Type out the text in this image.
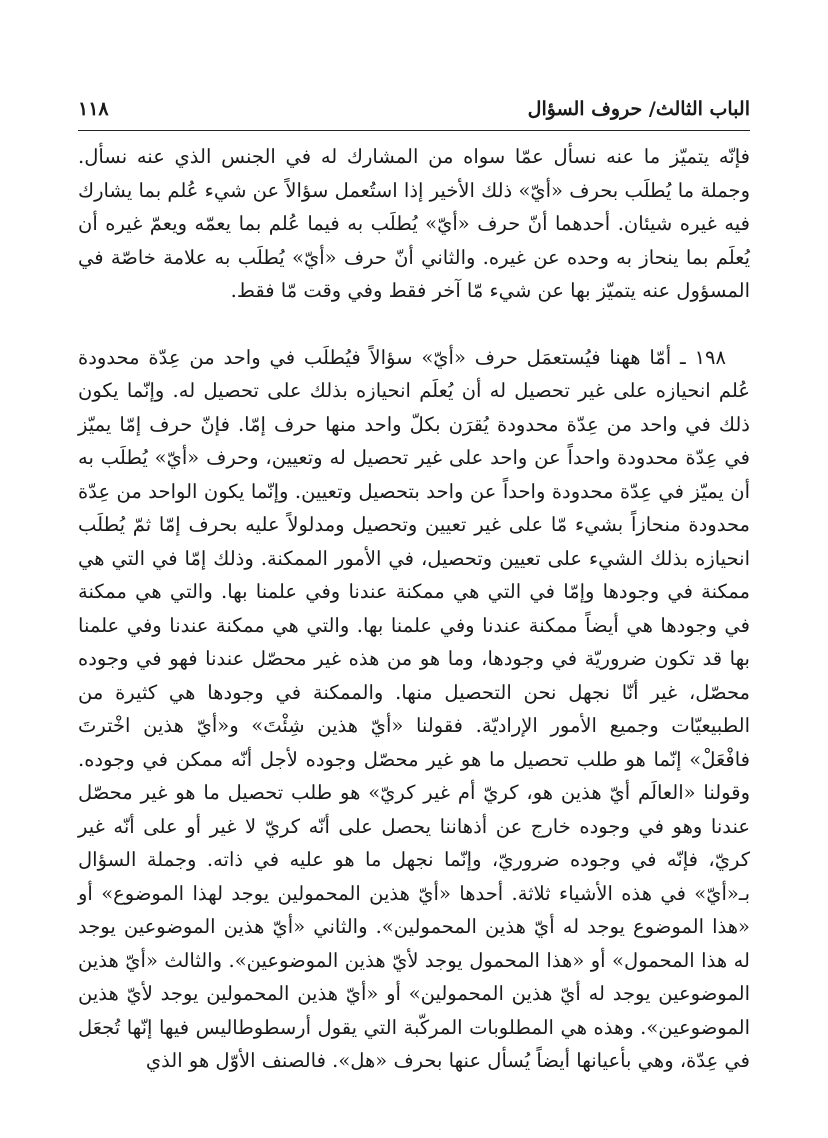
الباب الثالث/ حروف السؤال
١١٨

فإنّه يتميّز ما عنه نسأل عمّا سواه من المشارك له في الجنس الذي عنه نسأل. وجملة ما يُطلَب بحرف «أيّ» ذلك الأخير إذا استُعمل سؤالاً عن شيء عُلم بما يشارك فيه غيره شيئان. أحدهما أنّ حرف «أيّ» يُطلَب به فيما عُلم بما يعمّه ويعمّ غيره أن يُعلَم بما ينحاز به وحده عن غيره. والثاني أنّ حرف «أيّ» يُطلَب به علامة خاصّة في المسؤول عنه يتميّز بها عن شيء مّا آخر فقط وفي وقت مّا فقط.

١٩٨ ـ أمّا ههنا فيُستعمَل حرف «أيّ» سؤالاً فيُطلَب في واحد من عِدّة محدودة عُلم انحيازه على غير تحصيل له أن يُعلَم انحيازه بذلك على تحصيل له. وإنّما يكون ذلك في واحد من عِدّة محدودة يُقرَن بكلّ واحد منها حرف إمّا. فإنّ حرف إمّا يميّز في عِدّة محدودة واحداً عن واحد على غير تحصيل له وتعيين، وحرف «أيّ» يُطلَب به أن يميّز في عِدّة محدودة واحداً عن واحد بتحصيل وتعيين. وإنّما يكون الواحد من عِدّة محدودة منحازاً بشيء مّا على غير تعيين وتحصيل ومدلولاً عليه بحرف إمّا ثمّ يُطلَب انحيازه بذلك الشيء على تعيين وتحصيل، في الأمور الممكنة. وذلك إمّا في التي هي ممكنة في وجودها وإمّا في التي هي ممكنة عندنا وفي علمنا بها. والتي هي ممكنة في وجودها هي أيضاً ممكنة عندنا وفي علمنا بها. والتي هي ممكنة عندنا وفي علمنا بها قد تكون ضروريّة في وجودها، وما هو من هذه غير محصّل عندنا فهو في وجوده محصّل، غير أنّا نجهل نحن التحصيل منها. والممكنة في وجودها هي كثيرة من الطبيعيّات وجميع الأمور الإراديّة. فقولنا «أيّ هذين شِئْتَ» و«أيّ هذين اخْترتَ فافْعَلْ» إنّما هو طلب تحصيل ما هو غير محصّل وجوده لأجل أنّه ممكن في وجوده. وقولنا «العالَم أيّ هذين هو، كريّ أم غير كريّ» هو طلب تحصيل ما هو غير محصّل عندنا وهو في وجوده خارج عن أذهاننا يحصل على أنّه كريّ لا غير أو على أنّه غير كريّ، فإنّه في وجوده ضروريّ، وإنّما نجهل ما هو عليه في ذاته. وجملة السؤال بـ«أيّ» في هذه الأشياء ثلاثة. أحدها «أيّ هذين المحمولين يوجد لهذا الموضوع» أو «هذا الموضوع يوجد له أيّ هذين المحمولين». والثاني «أيّ هذين الموضوعين يوجد له هذا المحمول» أو «هذا المحمول يوجد لأيّ هذين الموضوعين». والثالث «أيّ هذين الموضوعين يوجد له أيّ هذين المحمولين» أو «أيّ هذين المحمولين يوجد لأيّ هذين الموضوعين». وهذه هي المطلوبات المركّبة التي يقول أرسطوطاليس فيها إنّها تُجعَل في عِدّة، وهي بأعيانها أيضاً يُسأل عنها بحرف «هل». فالصنف الأوّل هو الذي
